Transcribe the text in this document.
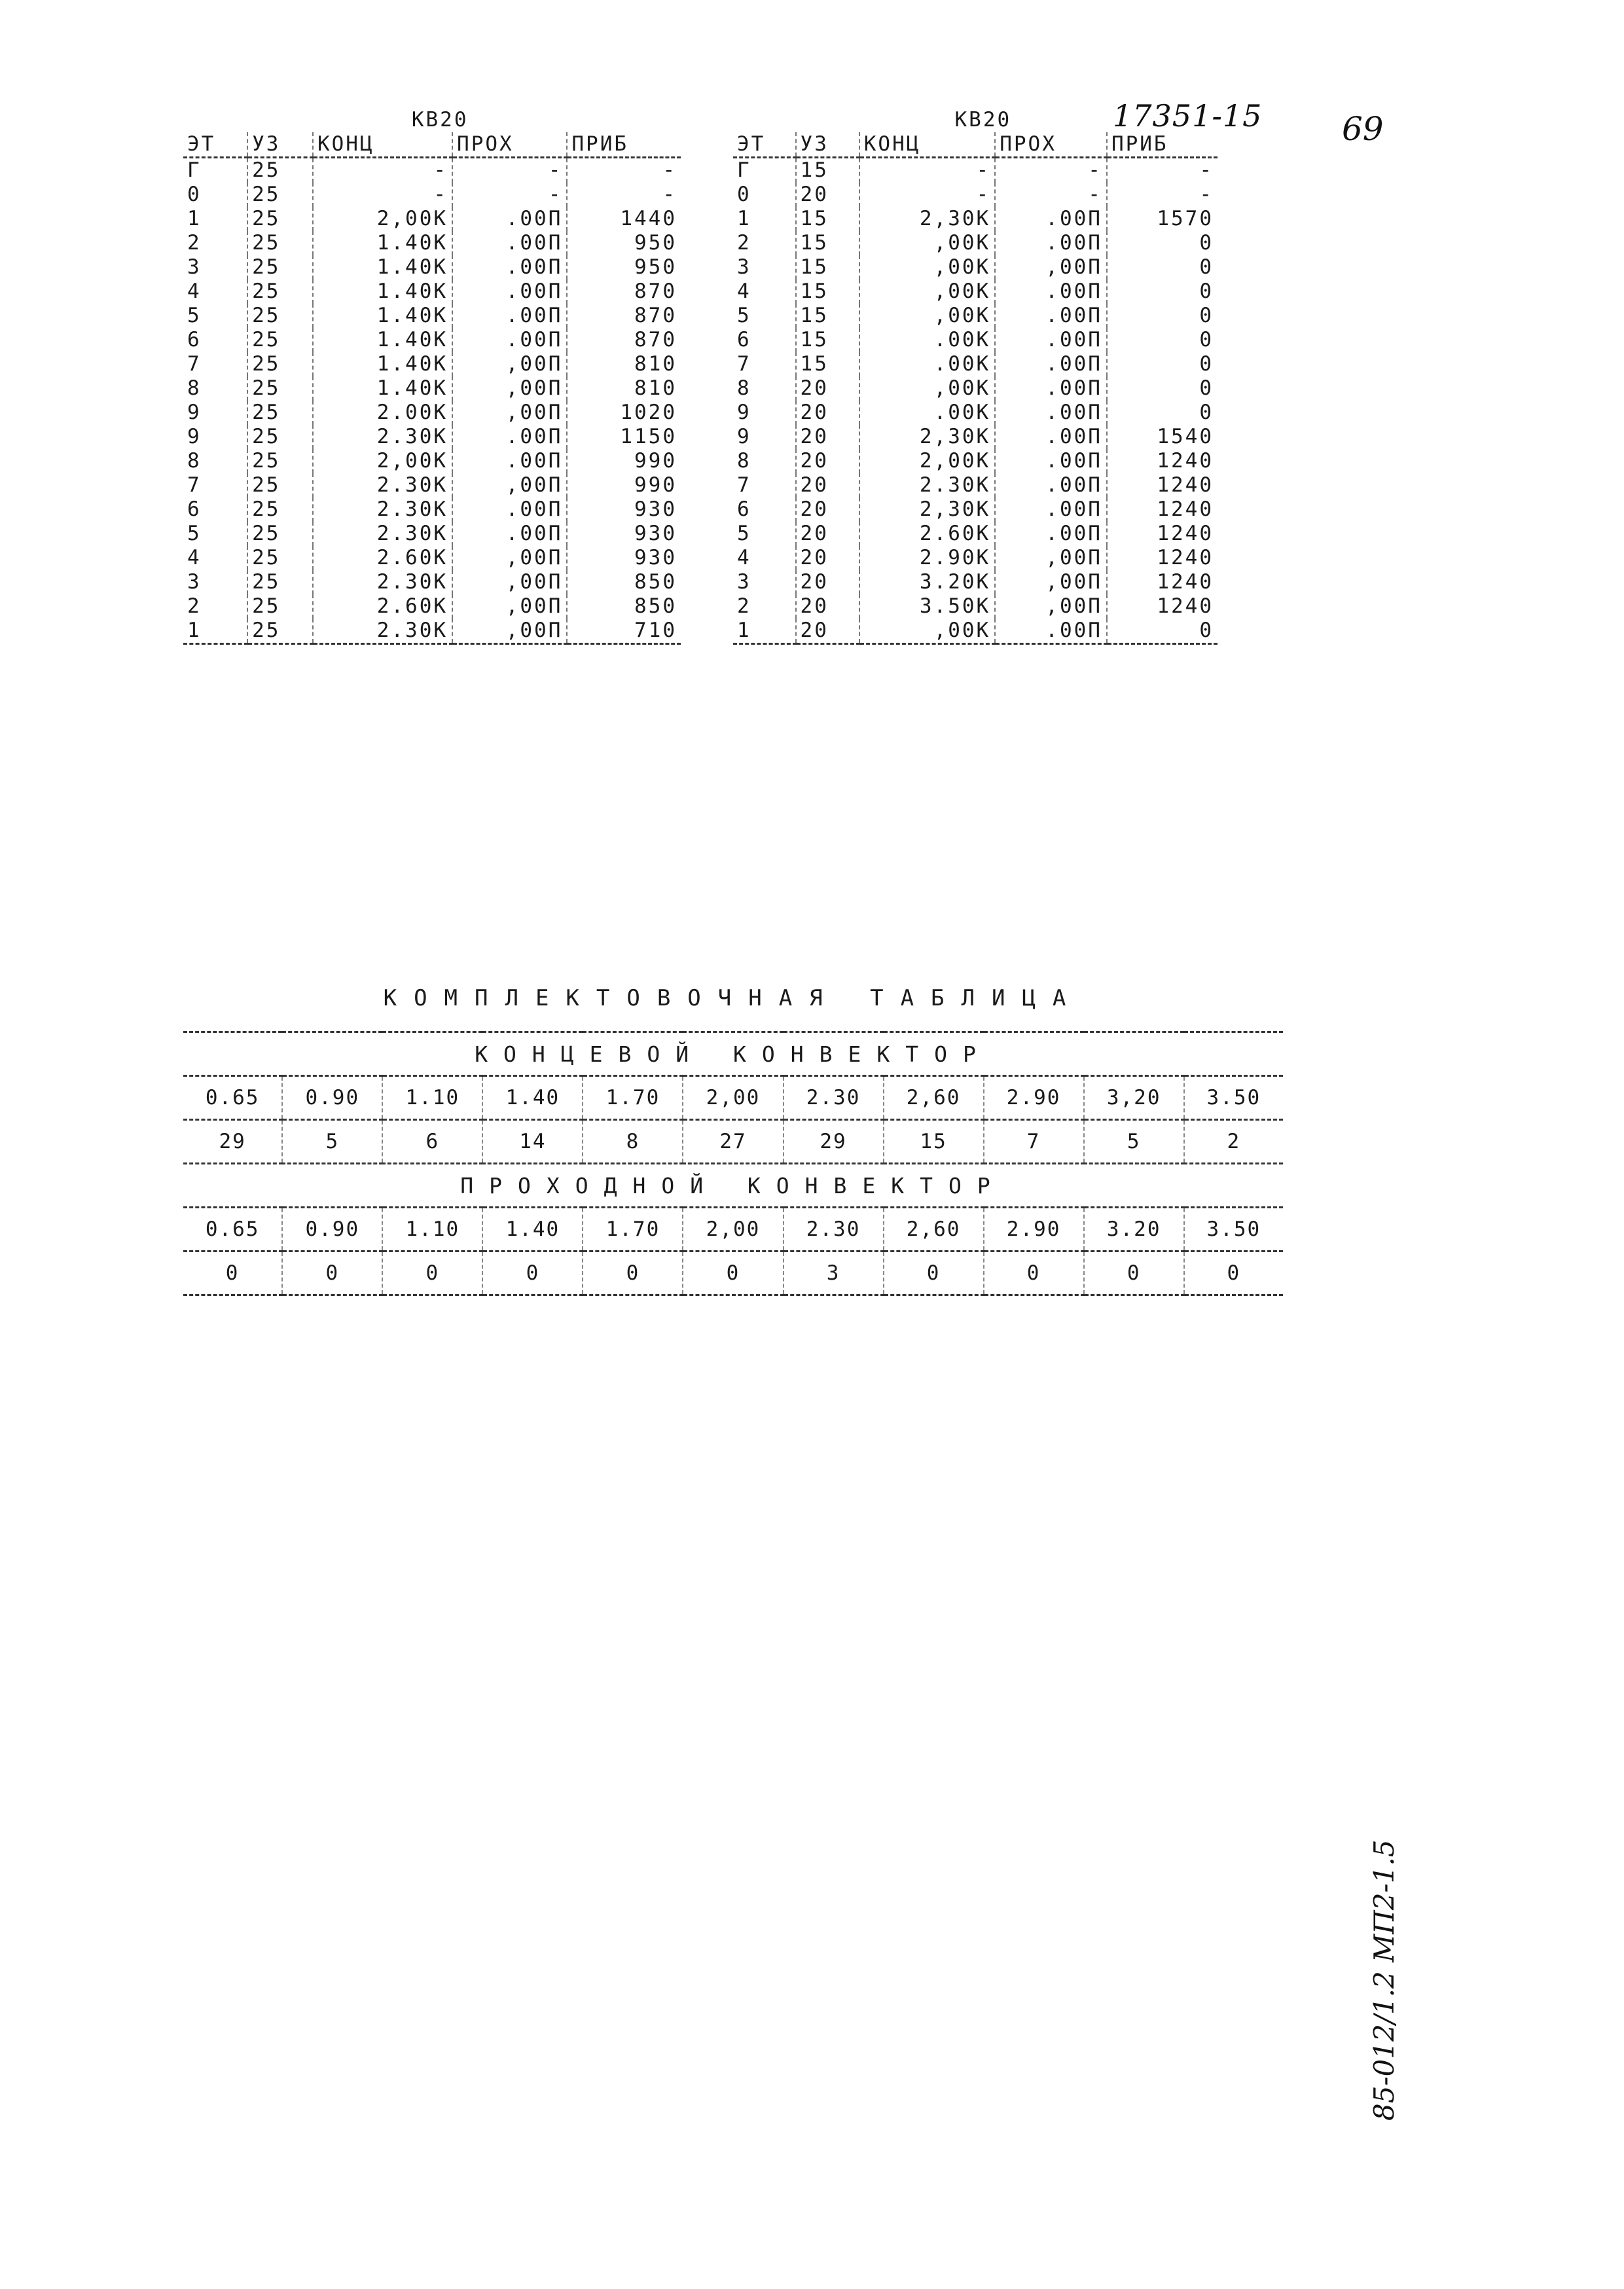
17351-15 69
85-012/1.2 МП2-1.5
		КВ20		
ЭТ	УЗ	КОНЦ	ПРОХ	ПРИБ
Г	25	-	-	-
0	25	-	-	-
1	25	2,00К	.00П	1440
2	25	1.40К	.00П	950
3	25	1.40К	.00П	950
4	25	1.40К	.00П	870
5	25	1.40К	.00П	870
6	25	1.40К	.00П	870
7	25	1.40К	,00П	810
8	25	1.40К	,00П	810
9	25	2.00К	,00П	1020
9	25	2.30К	.00П	1150
8	25	2,00К	.00П	990
7	25	2.30К	,00П	990
6	25	2.30К	.00П	930
5	25	2.30К	.00П	930
4	25	2.60К	,00П	930
3	25	2.30К	,00П	850
2	25	2.60К	,00П	850
1	25	2.30К	,00П	710
		КВ20		
ЭТ	УЗ	КОНЦ	ПРОХ	ПРИБ
Г	15	-	-	-
0	20	-	-	-
1	15	2,30К	.00П	1570
2	15	,00К	.00П	0
3	15	,00К	,00П	0
4	15	,00К	.00П	0
5	15	,00К	.00П	0
6	15	.00К	.00П	0
7	15	.00К	.00П	0
8	20	,00К	.00П	0
9	20	.00К	.00П	0
9	20	2,30К	.00П	1540
8	20	2,00К	.00П	1240
7	20	2.30К	.00П	1240
6	20	2,30К	.00П	1240
5	20	2.60К	.00П	1240
4	20	2.90К	,00П	1240
3	20	3.20К	,00П	1240
2	20	3.50К	,00П	1240
1	20	,00К	.00П	0
КОМПЛЕКТОВОЧНАЯ ТАБЛИЦА
КОНЦЕВОЙ КОНВЕКТОР										
0.65	0.90	1.10	1.40	1.70	2,00	2.30	2,60	2.90	3,20	3.50
29	5	6	14	8	27	29	15	7	5	2
ПРОХОДНОЙ КОНВЕКТОР										
0.65	0.90	1.10	1.40	1.70	2,00	2.30	2,60	2.90	3.20	3.50
0	0	0	0	0	0	3	0	0	0	0
